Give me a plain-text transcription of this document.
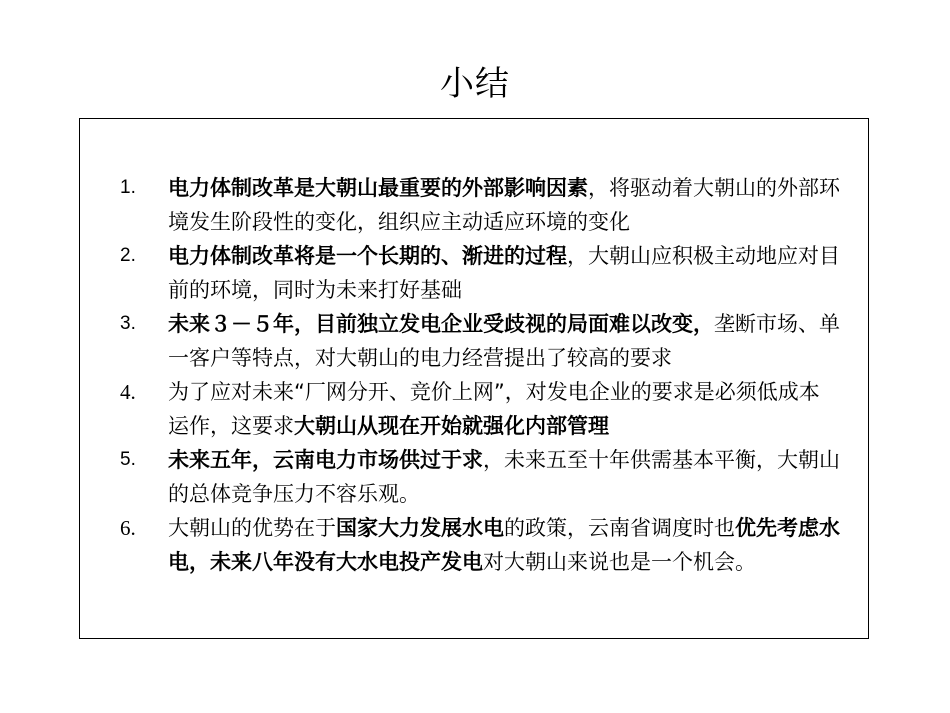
小结
1.	电力体制改革是大朝山最重要的外部影响因素，将驱动着大朝山的外部环境发生阶段性的变化，组织应主动适应环境的变化
2.	电力体制改革将是一个长期的、渐进的过程，大朝山应积极主动地应对目前的环境，同时为未来打好基础
3.	未来３－５年，目前独立发电企业受歧视的局面难以改变，垄断市场、单一客户等特点，对大朝山的电力经营提出了较高的要求
4.	为了应对未来“厂网分开、竞价上网”，对发电企业的要求是必须低成本运作，这要求大朝山从现在开始就强化内部管理
5.	未来五年，云南电力市场供过于求，未来五至十年供需基本平衡，大朝山的总体竞争压力不容乐观。
6.	大朝山的优势在于国家大力发展水电的政策，云南省调度时也优先考虑水电，未来八年没有大水电投产发电对大朝山来说也是一个机会。
